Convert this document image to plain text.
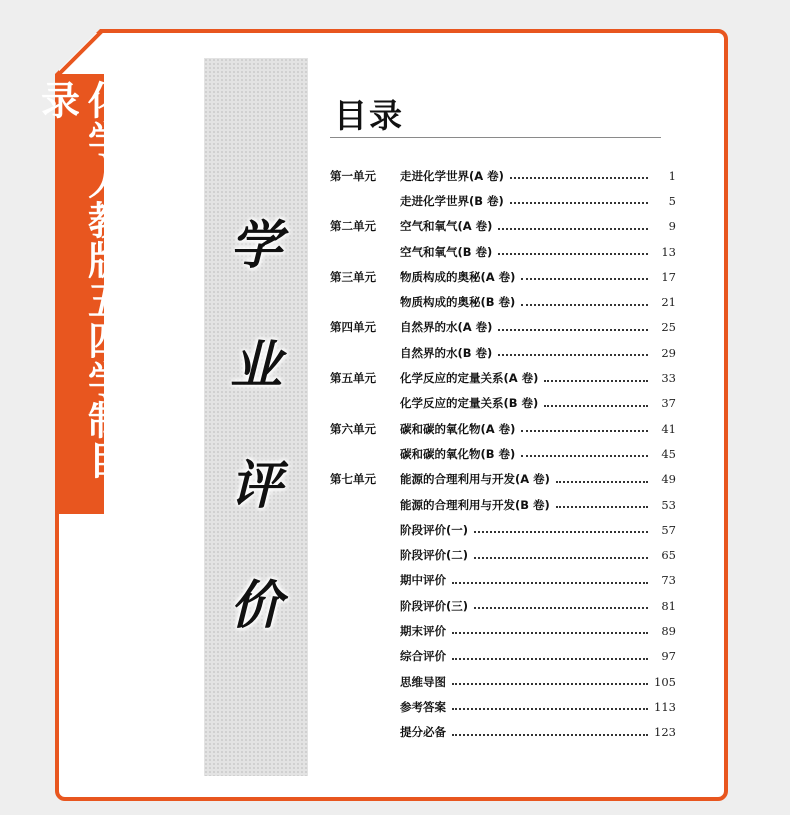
化学人教版五四学制目录
学
业
评
价
目录
第一单元	走进化学世界(A 卷)	1
走进化学世界(B 卷)	5
第二单元	空气和氧气(A 卷)	9
空气和氧气(B 卷)	13
第三单元	物质构成的奥秘(A 卷)	17
物质构成的奥秘(B 卷)	21
第四单元	自然界的水(A 卷)	25
自然界的水(B 卷)	29
第五单元	化学反应的定量关系(A 卷)	33
化学反应的定量关系(B 卷)	37
第六单元	碳和碳的氧化物(A 卷)	41
碳和碳的氧化物(B 卷)	45
第七单元	能源的合理利用与开发(A 卷)	49
能源的合理利用与开发(B 卷)	53
阶段评价(一)	57
阶段评价(二)	65
期中评价	73
阶段评价(三)	81
期末评价	89
综合评价	97
思维导图	105
参考答案	113
提分必备	123
